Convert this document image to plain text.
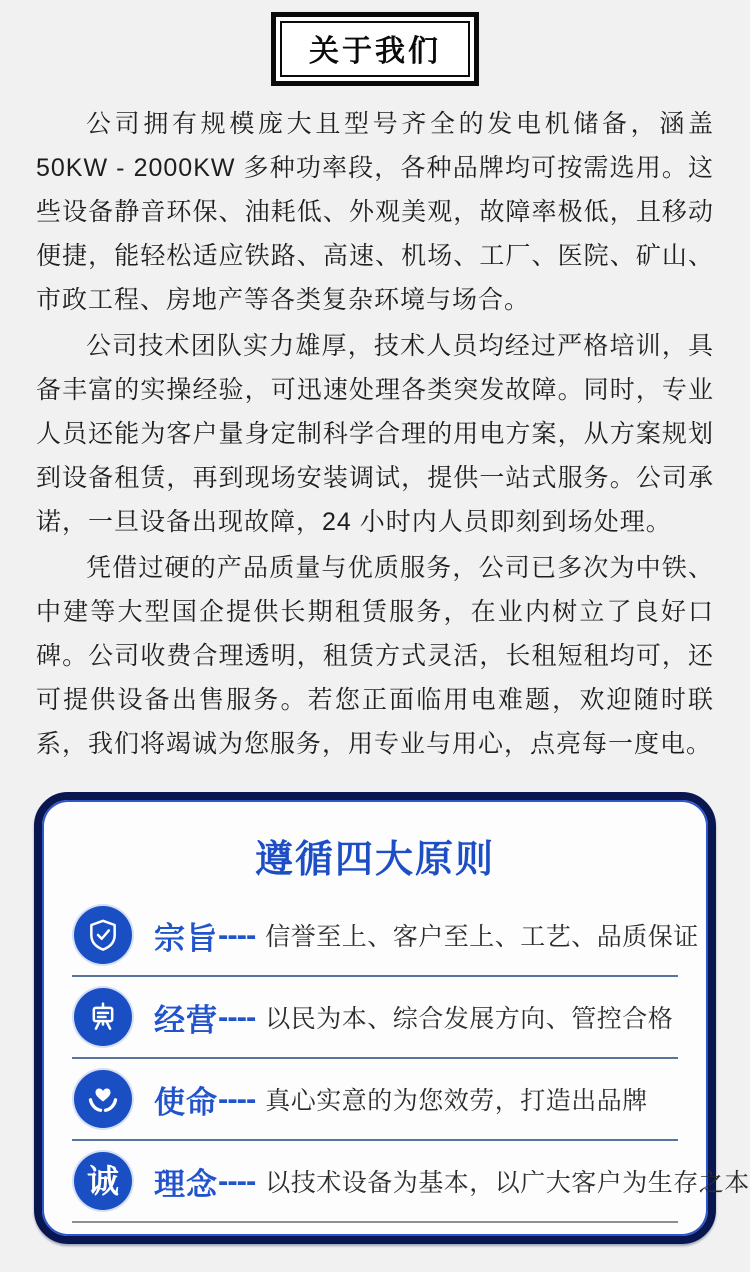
关于我们

公司拥有规模庞大且型号齐全的发电机储备，涵盖50KW - 2000KW 多种功率段，各种品牌均可按需选用。这些设备静音环保、油耗低、外观美观，故障率极低，且移动便捷，能轻松适应铁路、高速、机场、工厂、医院、矿山、市政工程、房地产等各类复杂环境与场合。

公司技术团队实力雄厚，技术人员均经过严格培训，具备丰富的实操经验，可迅速处理各类突发故障。同时，专业人员还能为客户量身定制科学合理的用电方案，从方案规划到设备租赁，再到现场安装调试，提供一站式服务。公司承诺，一旦设备出现故障，24 小时内人员即刻到场处理。

凭借过硬的产品质量与优质服务，公司已多次为中铁、中建等大型国企提供长期租赁服务，在业内树立了良好口碑。公司收费合理透明，租赁方式灵活，长租短租均可，还可提供设备出售服务。若您正面临用电难题，欢迎随时联系，我们将竭诚为您服务，用专业与用心，点亮每一度电。

遵循四大原则
宗旨 ---- 信誉至上、客户至上、工艺、品质保证
经营 ---- 以民为本、综合发展方向、管控合格
使命 ---- 真心实意的为您效劳，打造出品牌
诚 理念 ---- 以技术设备为基本，以广大客户为生存之本
